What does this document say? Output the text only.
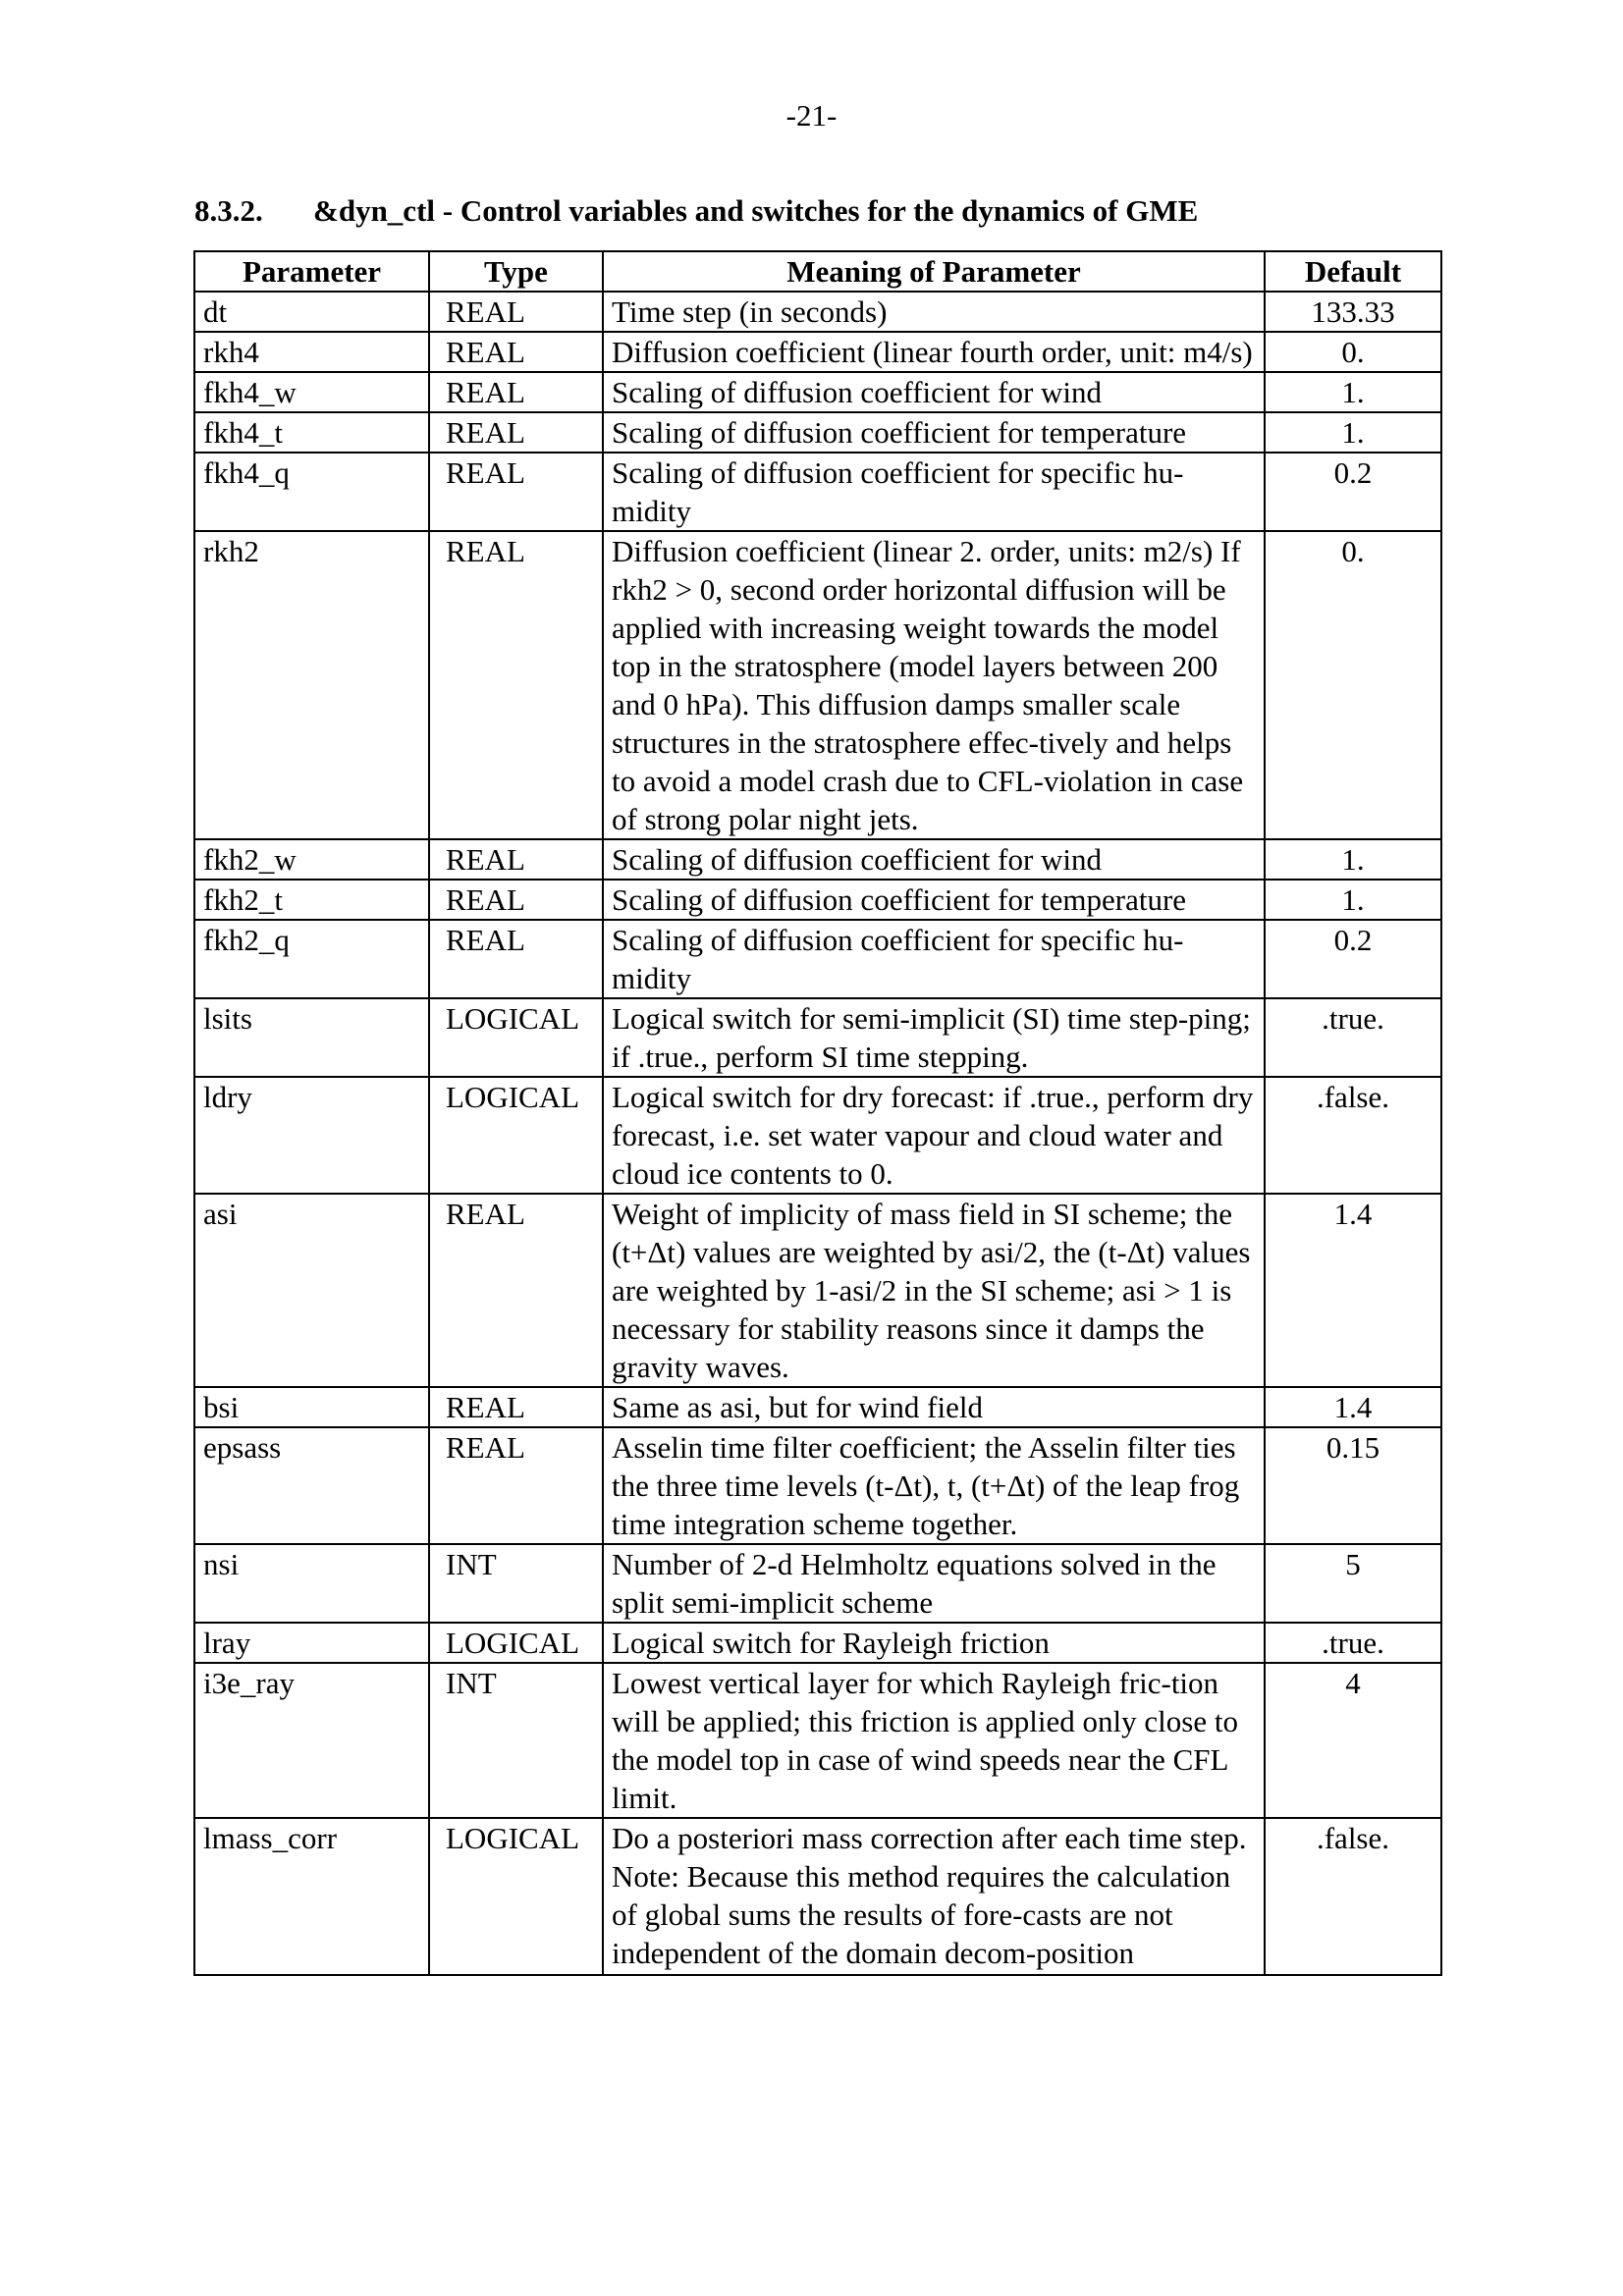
-21-
8.3.2. &dyn_ctl - Control variables and switches for the dynamics of GME
Parameter	Type	Meaning of Parameter	Default
dt	REAL	Time step (in seconds)	133.33
rkh4	REAL	Diffusion coefficient (linear fourth order, unit: m4/s)	0.
fkh4_w	REAL	Scaling of diffusion coefficient for wind	1.
fkh4_t	REAL	Scaling of diffusion coefficient for temperature	1.
fkh4_q	REAL	Scaling of diffusion coefficient for specific hu-midity	0.2
rkh2	REAL	Diffusion coefficient (linear 2. order, units: m2/s) If rkh2 > 0, second order horizontal diffusion will be applied with increasing weight towards the model top in the stratosphere (model layers between 200 and 0 hPa). This diffusion damps smaller scale structures in the stratosphere effec-tively and helps to avoid a model crash due to CFL-violation in case of strong polar night jets.	0.
fkh2_w	REAL	Scaling of diffusion coefficient for wind	1.
fkh2_t	REAL	Scaling of diffusion coefficient for temperature	1.
fkh2_q	REAL	Scaling of diffusion coefficient for specific hu-midity	0.2
lsits	LOGICAL	Logical switch for semi-implicit (SI) time step-ping; if .true., perform SI time stepping.	.true.
ldry	LOGICAL	Logical switch for dry forecast: if .true., perform dry forecast, i.e. set water vapour and cloud water and cloud ice contents to 0.	.false.
asi	REAL	Weight of implicity of mass field in SI scheme; the (t+Δt) values are weighted by asi/2, the (t-Δt) values are weighted by 1-asi/2 in the SI scheme; asi > 1 is necessary for stability reasons since it damps the gravity waves.	1.4
bsi	REAL	Same as asi, but for wind field	1.4
epsass	REAL	Asselin time filter coefficient; the Asselin filter ties the three time levels (t-Δt), t, (t+Δt) of the leap frog time integration scheme together.	0.15
nsi	INT	Number of 2-d Helmholtz equations solved in the split semi-implicit scheme	5
lray	LOGICAL	Logical switch for Rayleigh friction	.true.
i3e_ray	INT	Lowest vertical layer for which Rayleigh fric-tion will be applied; this friction is applied only close to the model top in case of wind speeds near the CFL limit.	4
lmass_corr	LOGICAL	Do a posteriori mass correction after each time step. Note: Because this method requires the calculation of global sums the results of fore-casts are not independent of the domain decom-position	.false.
